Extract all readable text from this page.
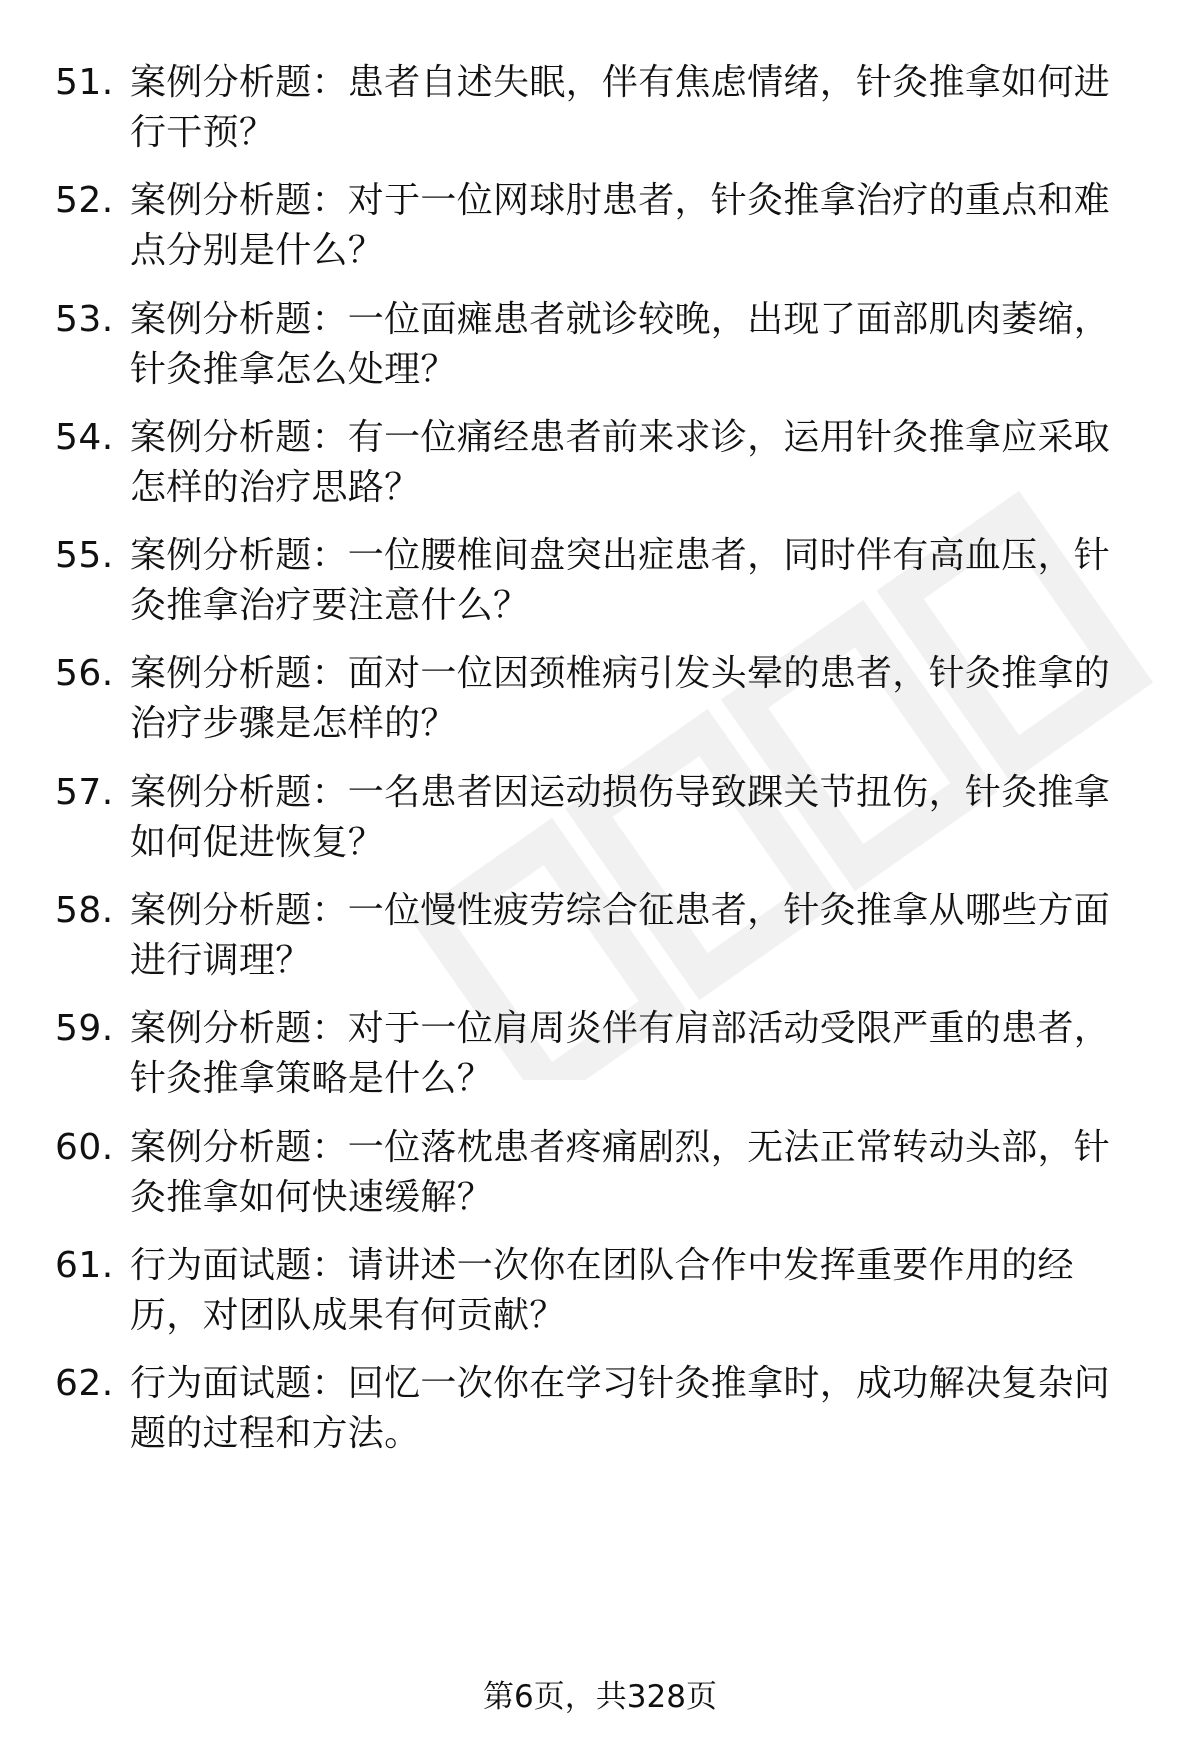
51. 案例分析题：患者自述失眠，伴有焦虑情绪，针灸推拿如何进行干预？
52. 案例分析题：对于一位网球肘患者，针灸推拿治疗的重点和难点分别是什么？
53. 案例分析题：一位面瘫患者就诊较晚，出现了面部肌肉萎缩，针灸推拿怎么处理？
54. 案例分析题：有一位痛经患者前来求诊，运用针灸推拿应采取怎样的治疗思路？
55. 案例分析题：一位腰椎间盘突出症患者，同时伴有高血压，针灸推拿治疗要注意什么？
56. 案例分析题：面对一位因颈椎病引发头晕的患者，针灸推拿的治疗步骤是怎样的？
57. 案例分析题：一名患者因运动损伤导致踝关节扭伤，针灸推拿如何促进恢复？
58. 案例分析题：一位慢性疲劳综合征患者，针灸推拿从哪些方面进行调理？
59. 案例分析题：对于一位肩周炎伴有肩部活动受限严重的患者，针灸推拿策略是什么？
60. 案例分析题：一位落枕患者疼痛剧烈，无法正常转动头部，针灸推拿如何快速缓解？
61. 行为面试题：请讲述一次你在团队合作中发挥重要作用的经历，对团队成果有何贡献？
62. 行为面试题：回忆一次你在学习针灸推拿时，成功解决复杂问题的过程和方法。
第6页，共328页
